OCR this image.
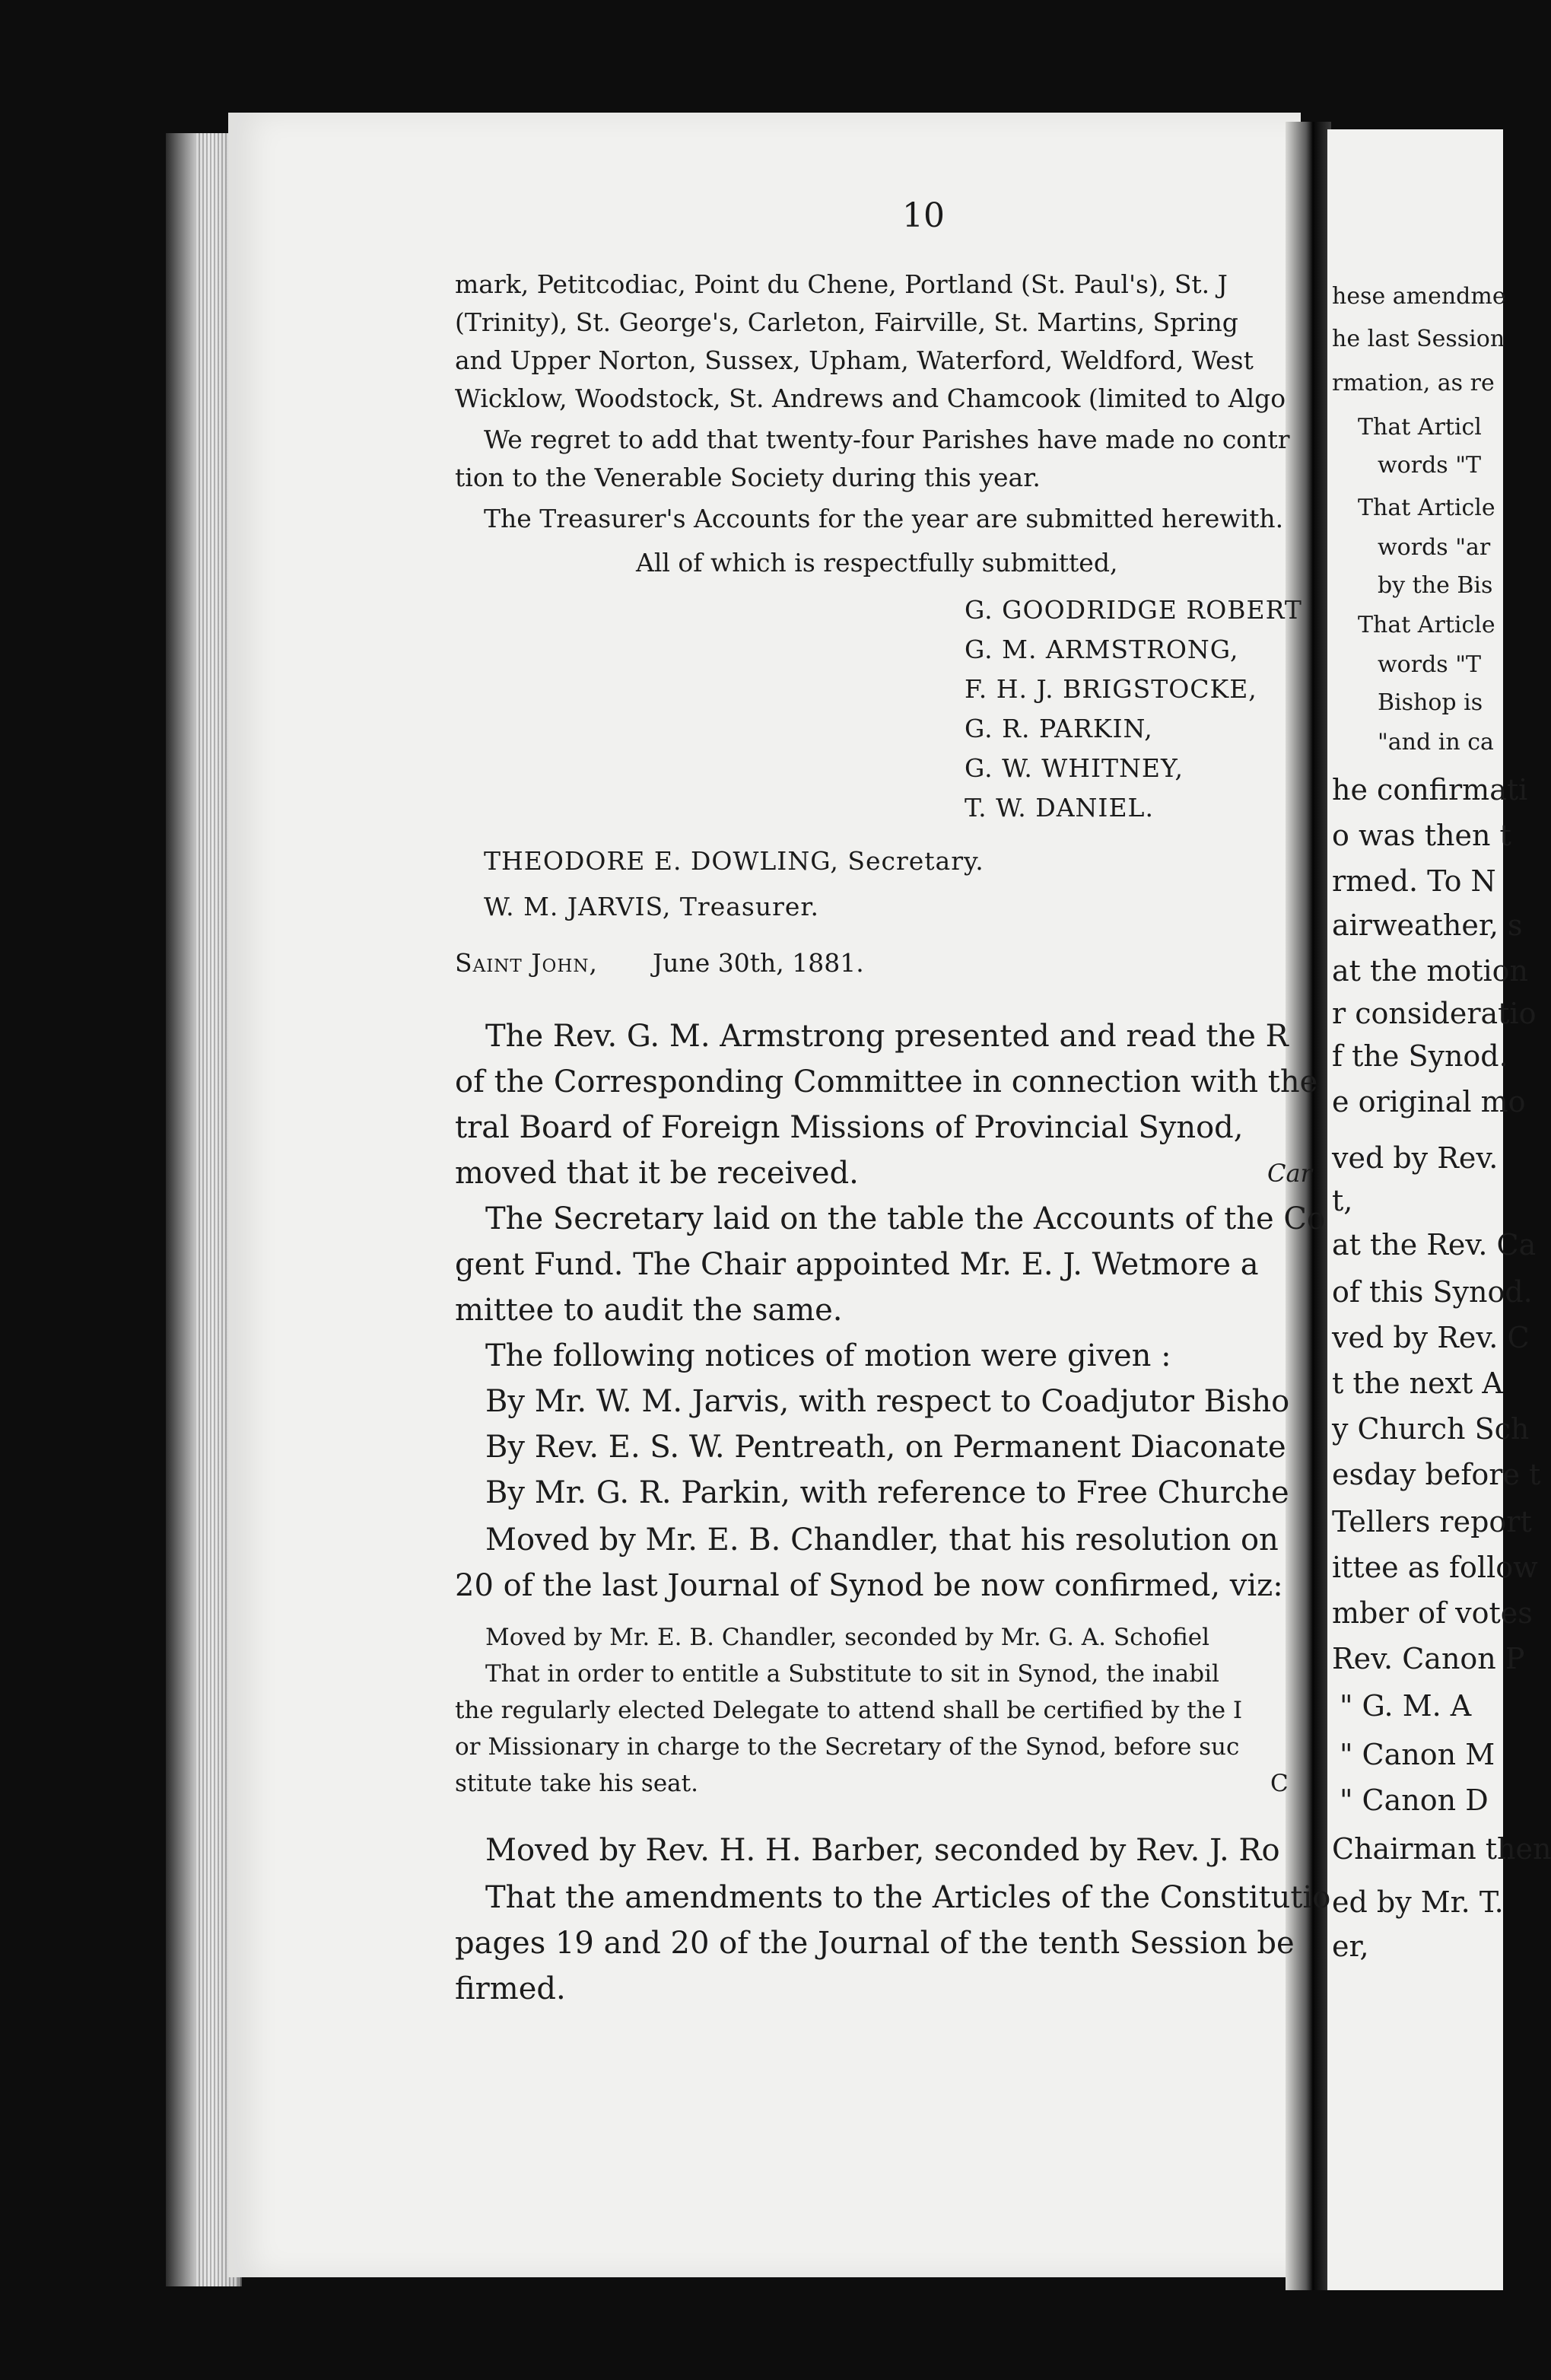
hese amendme
he last Session
rmation, as re
That Articl
words "T
That Article
words "ar
by the Bis
That Article
words "T
Bishop is
"and in ca
he confirmati
o was then t
rmed. To N
airweather, s
at the motion
r consideratio
f the Synod.
e original mo
ved by Rev.
t,
at the Rev. Ca
of this Synod.
ved by Rev. C
t the next A
y Church Sch
esday before t
Tellers report
ittee as follow
mber of votes
Rev. Canon P
" G. M. A
" Canon M
" Canon D
Chairman then
ed by Mr. T.
er,
10
mark, Petitcodiac, Point du Chene, Portland (St. Paul's), St. J
(Trinity), St. George's, Carleton, Fairville, St. Martins, Spring
and Upper Norton, Sussex, Upham, Waterford, Weldford, West
Wicklow, Woodstock, St. Andrews and Chamcook (limited to Algo
We regret to add that twenty-four Parishes have made no contr
tion to the Venerable Society during this year.
The Treasurer's Accounts for the year are submitted herewith.
All of which is respectfully submitted,
G. GOODRIDGE ROBERT
G. M. ARMSTRONG,
F. H. J. BRIGSTOCKE,
G. R. PARKIN,
G. W. WHITNEY,
T. W. DANIEL.
THEODORE E. DOWLING, Secretary.
W. M. JARVIS, Treasurer.
Saint John, June 30th, 1881.
The Rev. G. M. Armstrong presented and read the R
of the Corresponding Committee in connection with the
tral Board of Foreign Missions of Provincial Synod,
moved that it be received.	Car
The Secretary laid on the table the Accounts of the Co
gent Fund. The Chair appointed Mr. E. J. Wetmore a
mittee to audit the same.
The following notices of motion were given :
By Mr. W. M. Jarvis, with respect to Coadjutor Bisho
By Rev. E. S. W. Pentreath, on Permanent Diaconate
By Mr. G. R. Parkin, with reference to Free Churche
Moved by Mr. E. B. Chandler, that his resolution on
20 of the last Journal of Synod be now confirmed, viz:
Moved by Mr. E. B. Chandler, seconded by Mr. G. A. Schofiel
That in order to entitle a Substitute to sit in Synod, the inabil
the regularly elected Delegate to attend shall be certified by the I
or Missionary in charge to the Secretary of the Synod, before suc
stitute take his seat.	C
Moved by Rev. H. H. Barber, seconded by Rev. J. Ro
That the amendments to the Articles of the Constitutio
pages 19 and 20 of the Journal of the tenth Session be
firmed.
